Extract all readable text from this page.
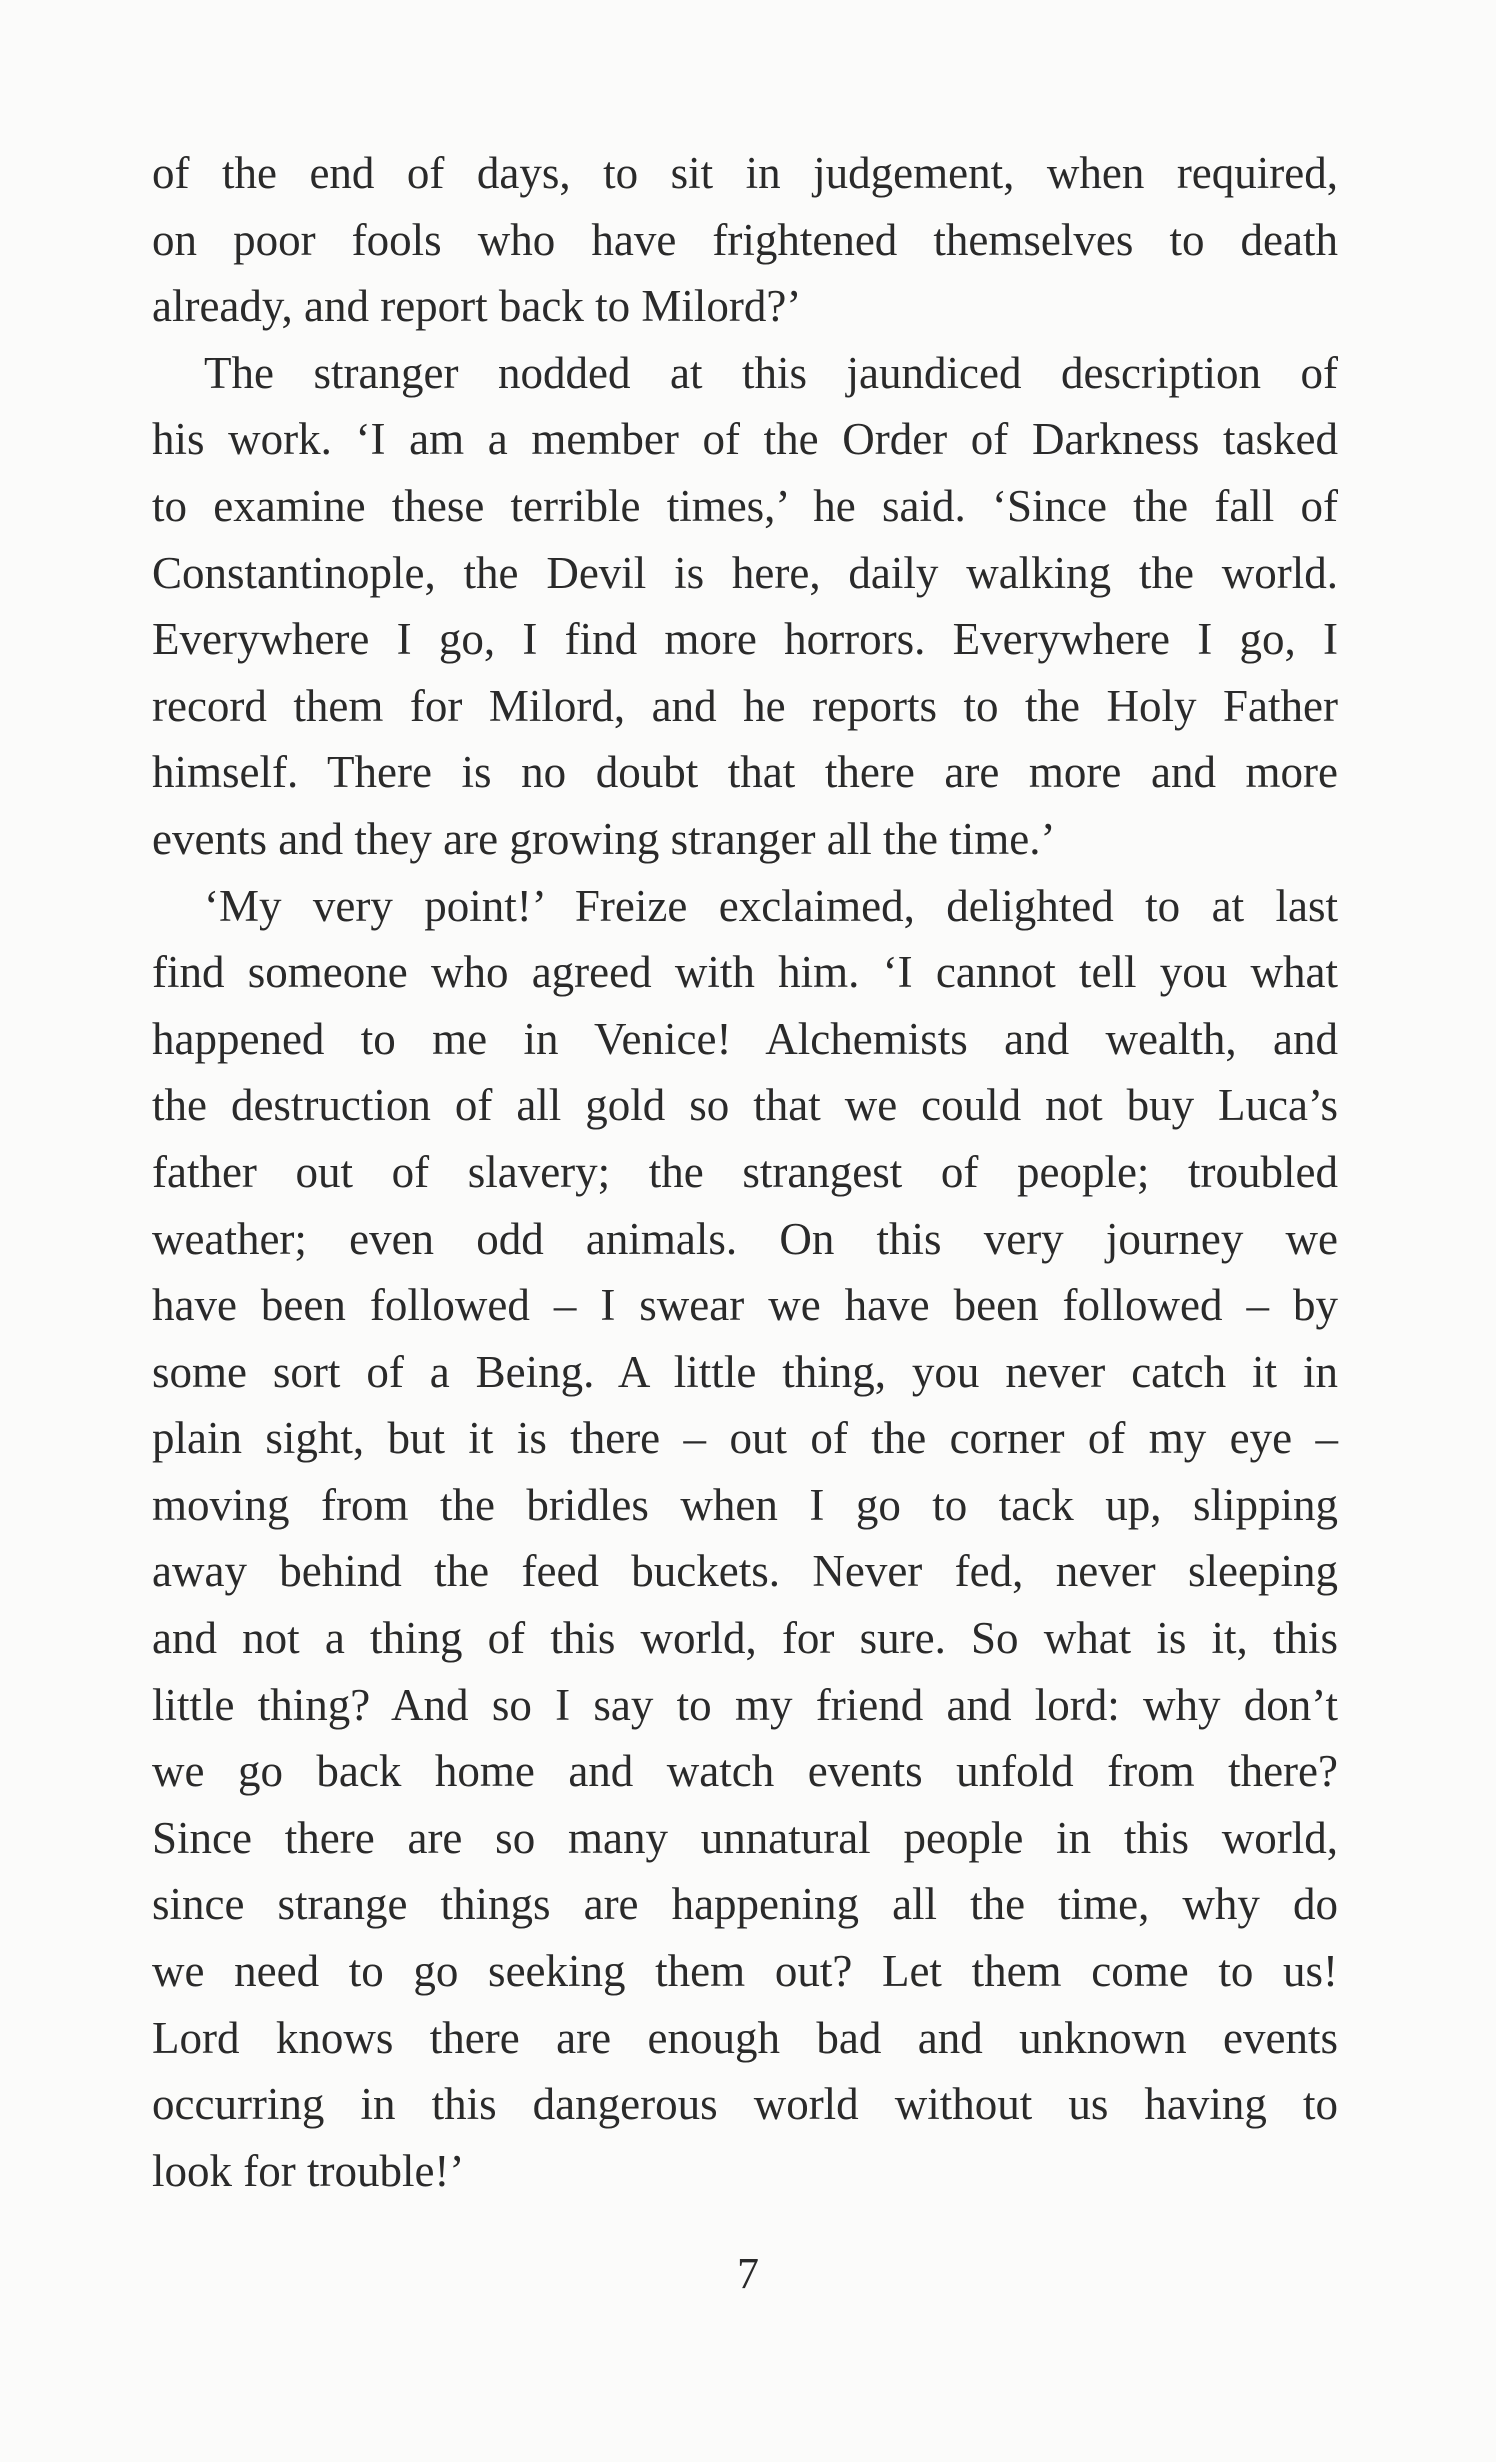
of the end of days, to sit in judgement, when required,
on poor fools who have frightened themselves to death
already, and report back to Milord?’
The stranger nodded at this jaundiced description of
his work. ‘I am a member of the Order of Darkness tasked
to examine these terrible times,’ he said. ‘Since the fall of
Constantinople, the Devil is here, daily walking the world.
Everywhere I go, I find more horrors. Everywhere I go, I
record them for Milord, and he reports to the Holy Father
himself. There is no doubt that there are more and more
events and they are growing stranger all the time.’
‘My very point!’ Freize exclaimed, delighted to at last
find someone who agreed with him. ‘I cannot tell you what
happened to me in Venice! Alchemists and wealth, and
the destruction of all gold so that we could not buy Luca’s
father out of slavery; the strangest of people; troubled
weather; even odd animals. On this very journey we
have been followed – I swear we have been followed – by
some sort of a Being. A little thing, you never catch it in
plain sight, but it is there – out of the corner of my eye –
moving from the bridles when I go to tack up, slipping
away behind the feed buckets. Never fed, never sleeping
and not a thing of this world, for sure. So what is it, this
little thing? And so I say to my friend and lord: why don’t
we go back home and watch events unfold from there?
Since there are so many unnatural people in this world,
since strange things are happening all the time, why do
we need to go seeking them out? Let them come to us!
Lord knows there are enough bad and unknown events
occurring in this dangerous world without us having to
look for trouble!’
7
